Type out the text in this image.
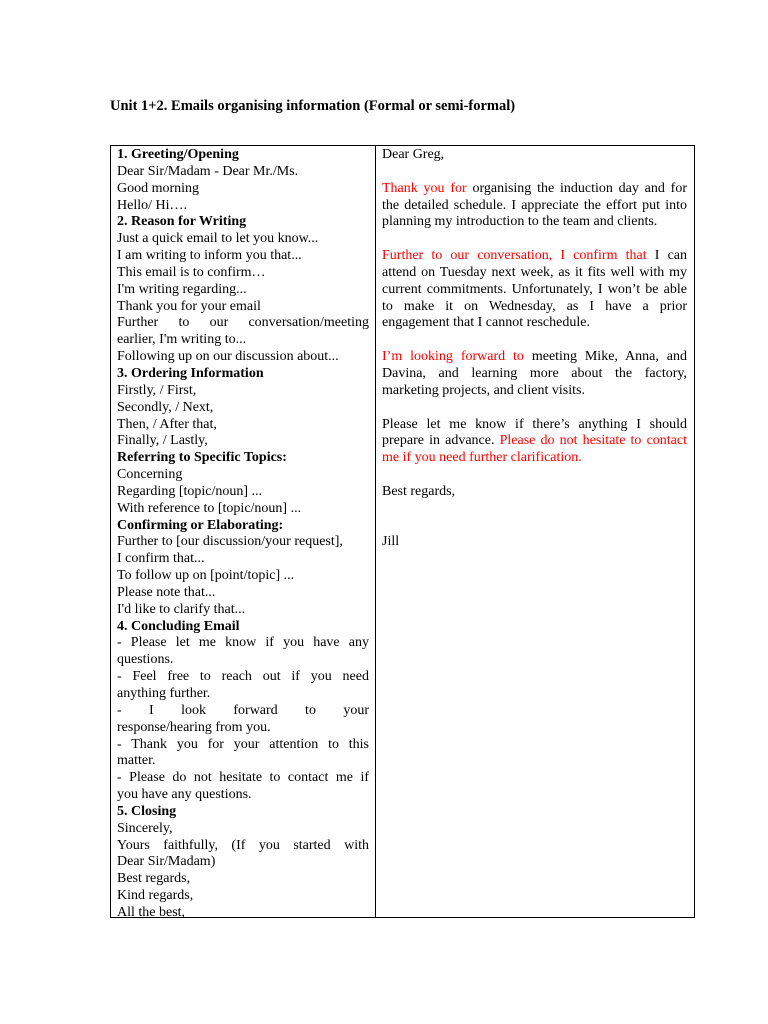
Unit 1+2. Emails organising information (Formal or semi-formal)
1. Greeting/Opening
Dear Sir/Madam - Dear Mr./Ms.
Good morning
Hello/ Hi….
2. Reason for Writing
Just a quick email to let you know...
I am writing to inform you that...
This email is to confirm…
I'm writing regarding...
Thank you for your email
Further to our conversation/meeting
earlier, I'm writing to...
Following up on our discussion about...
3. Ordering Information
Firstly, / First,
Secondly, / Next,
Then, / After that,
Finally, / Lastly,
Referring to Specific Topics:
Concerning
Regarding [topic/noun] ...
With reference to [topic/noun] ...
Confirming or Elaborating:
Further to [our discussion/your request],
I confirm that...
To follow up on [point/topic] ...
Please note that...
I'd like to clarify that...
4. Concluding Email
- Please let me know if you have any
questions.
- Feel free to reach out if you need
anything further.
- I look forward to your
response/hearing from you.
- Thank you for your attention to this
matter.
- Please do not hesitate to contact me if
you have any questions.
5. Closing
Sincerely,
Yours faithfully, (If you started with
Dear Sir/Madam)
Best regards,
Kind regards,
All the best,
Dear Greg,
Thank you for organising the induction day and for the detailed schedule. I appreciate the effort put into planning my introduction to the team and clients.
Further to our conversation, I confirm that I can attend on Tuesday next week, as it fits well with my current commitments. Unfortunately, I won’t be able to make it on Wednesday, as I have a prior engagement that I cannot reschedule.
I’m looking forward to meeting Mike, Anna, and Davina, and learning more about the factory, marketing projects, and client visits.
Please let me know if there’s anything I should prepare in advance. Please do not hesitate to contact me if you need further clarification.
Best regards,
Jill
